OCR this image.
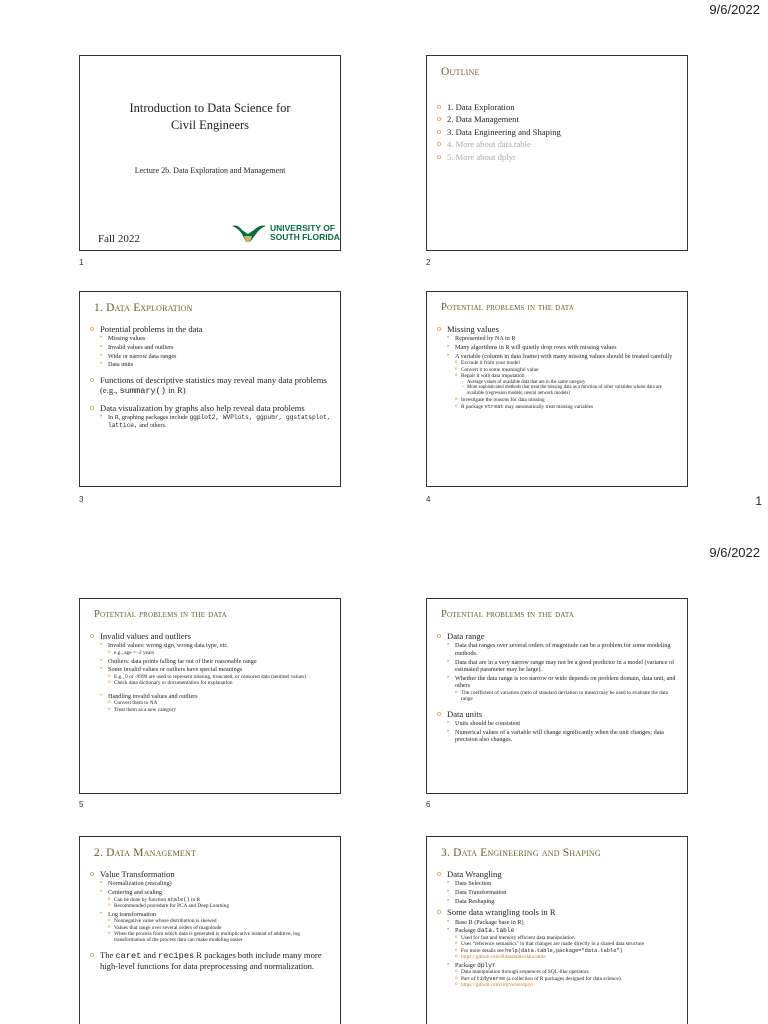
9/6/2022
Introduction to Data Science for
Civil Engineers
Lecture 2b. Data Exploration and Management
Fall 2022
UNIVERSITY OF
SOUTH FLORIDA
1
Outline
o 1. Data Exploration
o 2. Data Management
o 3. Data Engineering and Shaping
o 4. More about data.table
o 5. More about dplyr
2
1. Data Exploration
o Potential problems in the data
• Missing values
• Invalid values and outliers
• Wide or narrow data ranges
• Data units
o Functions of descriptive statistics may reveal many data problems (e.g., summary() in R)
o Data visualization by graphs also help reveal data problems
• In R, graphing packages include ggplot2, WVPlots, ggpubr, ggstatsplot, lattice, and others.
3
Potential problems in the data
o Missing values
• Represented by NA in R
• Many algorithms in R will quietly drop rows with missing values
• A variable (column in data frame) with many missing values should be treated carefully
o Exclude it from your model
o Convert it to some meaningful value
o Repair it with data imputation
– Average values of available data that are in the same category
– More sophisticated methods that treat the missing data as a function of other variables whose data are available (regression models, neural network models)
o Investigate the reasons for data missing
o R package vtreat may automatically treat missing variables
4	1
9/6/2022
Potential problems in the data
o Invalid values and outliers
• Invalid values: wrong sign, wrong data type, etc.
o e.g., age = -2 years
• Outliers: data points falling far out of their reasonable range
• Some invalid values or outliers have special meanings
o E.g., 0 or -9999 are used to represent missing, truncated, or censored data (sentinel values)
o Check data dictionary or documentation for explanation
• Handling invalid values and outliers
o Convert them to NA
o Treat them as a new category
5
Potential problems in the data
o Data range
• Data that ranges over several orders of magnitude can be a problem for some modeling methods.
• Data that are in a very narrow range may not be a good predictor in a model (variance of estimated parameter may be large).
• Whether the data range is too narrow or wide depends on problem domain, data unit, and others
o The coefficient of variation (ratio of standard deviation to mean) may be used to evaluate the data range
o Data units
• Units should be consistent
• Numerical values of a variable will change significantly when the unit changes; data precision also changes.
6
2. Data Management
o Value Transformation
• Normalization (rescaling)
• Centering and scaling
o Can be done by function scale() in R
o Recommended procedure for PCA and Deep Learning
• Log transformation
o Nonnegative value whose distribution is skewed
o Values that range over several orders of magnitude
o When the process from which data is generated is multiplicative instead of additive, log transformation of the process data can make modeling easier
o The caret and recipes R packages both include many more high-level functions for data preprocessing and normalization.
3. Data Engineering and Shaping
o Data Wrangling
• Data Selection
• Data Transformation
• Data Reshaping
o Some data wrangling tools in R
• Base R (Package base in R)
• Package data.table
o Used for fast and memory efficient data manipulation
o Uses "reference semantics" in that changes are made directly in a shared data structure
o For more details see help(data.table,package="data.table")
o https://github.com/Rdatatable/data.table
• Package dplyr
o Data manipulation through sequences of SQL-like operators
o Part of tidyverse (a collection of R packages designed for data science).
o https://github.com/tidyverse/dplyr
